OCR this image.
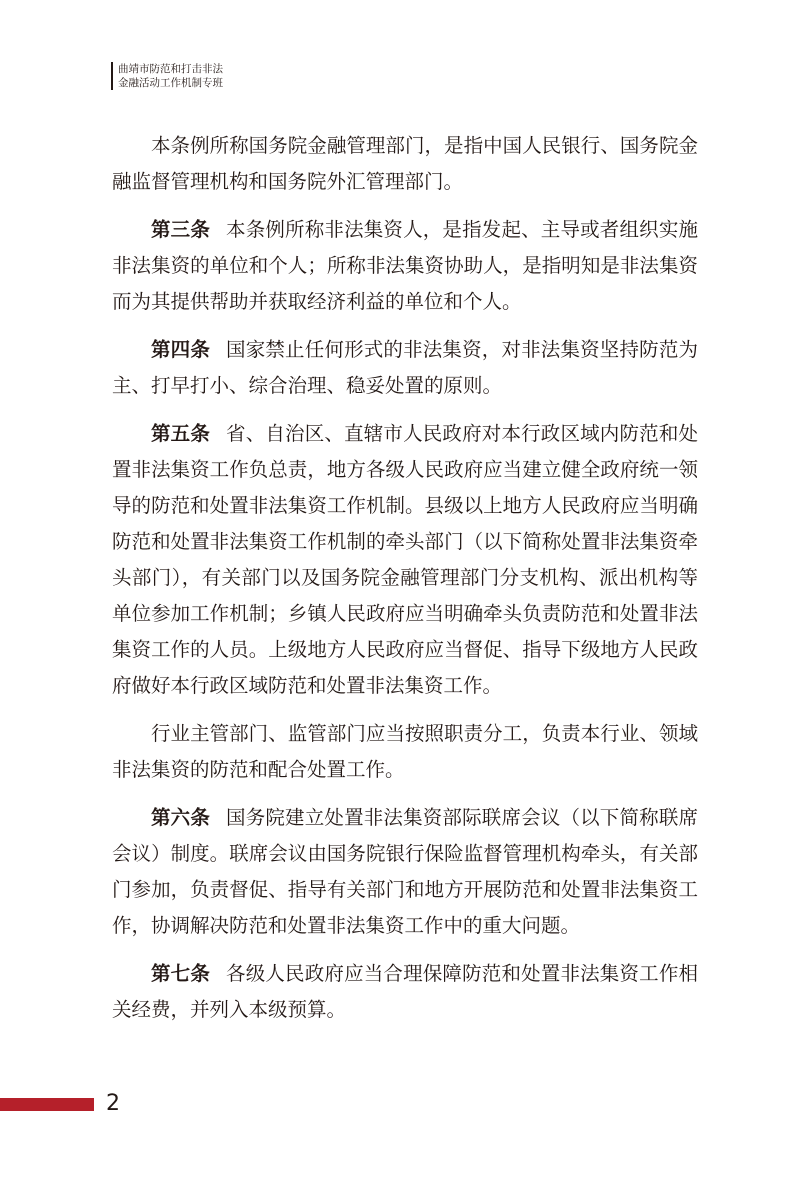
曲靖市防范和打击非法
金融活动工作机制专班

本条例所称国务院金融管理部门，是指中国人民银行、国务院金融监督管理机构和国务院外汇管理部门。

第三条 本条例所称非法集资人，是指发起、主导或者组织实施非法集资的单位和个人；所称非法集资协助人，是指明知是非法集资而为其提供帮助并获取经济利益的单位和个人。

第四条 国家禁止任何形式的非法集资，对非法集资坚持防范为主、打早打小、综合治理、稳妥处置的原则。

第五条 省、自治区、直辖市人民政府对本行政区域内防范和处置非法集资工作负总责，地方各级人民政府应当建立健全政府统一领导的防范和处置非法集资工作机制。县级以上地方人民政府应当明确防范和处置非法集资工作机制的牵头部门（以下简称处置非法集资牵头部门），有关部门以及国务院金融管理部门分支机构、派出机构等单位参加工作机制；乡镇人民政府应当明确牵头负责防范和处置非法集资工作的人员。上级地方人民政府应当督促、指导下级地方人民政府做好本行政区域防范和处置非法集资工作。

行业主管部门、监管部门应当按照职责分工，负责本行业、领域非法集资的防范和配合处置工作。

第六条 国务院建立处置非法集资部际联席会议（以下简称联席会议）制度。联席会议由国务院银行保险监督管理机构牵头，有关部门参加，负责督促、指导有关部门和地方开展防范和处置非法集资工作，协调解决防范和处置非法集资工作中的重大问题。

第七条 各级人民政府应当合理保障防范和处置非法集资工作相关经费，并列入本级预算。

2
